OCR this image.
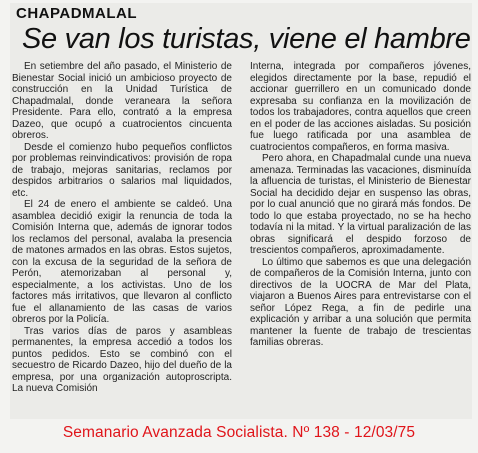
CHAPADMALAL
Se van los turistas, viene el hambre

En setiembre del año pasado, el Ministerio de Bienestar Social inició un ambicioso proyecto de construcción en la Unidad Turística de Chapadmalal, donde veraneara la señora Presidente. Para ello, contrató a la empresa Dazeo, que ocupó a cuatrocientos cincuenta obreros.

Desde el comienzo hubo pequeños conflictos por problemas reinvindicativos: provisión de ropa de trabajo, mejoras sanitarias, reclamos por despidos arbitrarios o salarios mal liquidados, etc.

El 24 de enero el ambiente se caldeó. Una asamblea decidió exigir la renuncia de toda la Comisión Interna que, además de ignorar todos los reclamos del personal, avalaba la presencia de matones armados en las obras. Estos sujetos, con la excusa de la seguridad de la señora de Perón, atemorizaban al personal y, especialmente, a los activistas. Uno de los factores más irritativos, que llevaron al conflicto fue el allanamiento de las casas de varios obreros por la Policía.

Tras varios días de paros y asambleas permanentes, la empresa accedió a todos los puntos pedidos. Esto se combinó con el secuestro de Ricardo Dazeo, hijo del dueño de la empresa, por una organización autoproscripta. La nueva Comisión

Interna, integrada por compañeros jóvenes, elegidos directamente por la base, repudió el accionar guerrillero en un comunicado donde expresaba su confianza en la movilización de todos los trabajadores, contra aquellos que creen en el poder de las acciones aisladas. Su posición fue luego ratificada por una asamblea de cuatrocientos compañeros, en forma masiva.

Pero ahora, en Chapadmalal cunde una nueva amenaza. Terminadas las vacaciones, disminuída la afluencia de turistas, el Ministerio de Bienestar Social ha decidido dejar en suspenso las obras, por lo cual anunció que no girará más fondos. De todo lo que estaba proyectado, no se ha hecho todavía ni la mitad. Y la virtual paralización de las obras significará el despido forzoso de trescientos compañeros, aproximadamente.

Lo último que sabemos es que una delegación de compañeros de la Comisión Interna, junto con directivos de la UOCRA de Mar del Plata, viajaron a Buenos Aires para entrevistarse con el señor López Rega, a fin de pedirle una explicación y arribar a una solución que permita mantener la fuente de trabajo de trescientas familias obreras.

Semanario Avanzada Socialista. Nº 138 - 12/03/75
